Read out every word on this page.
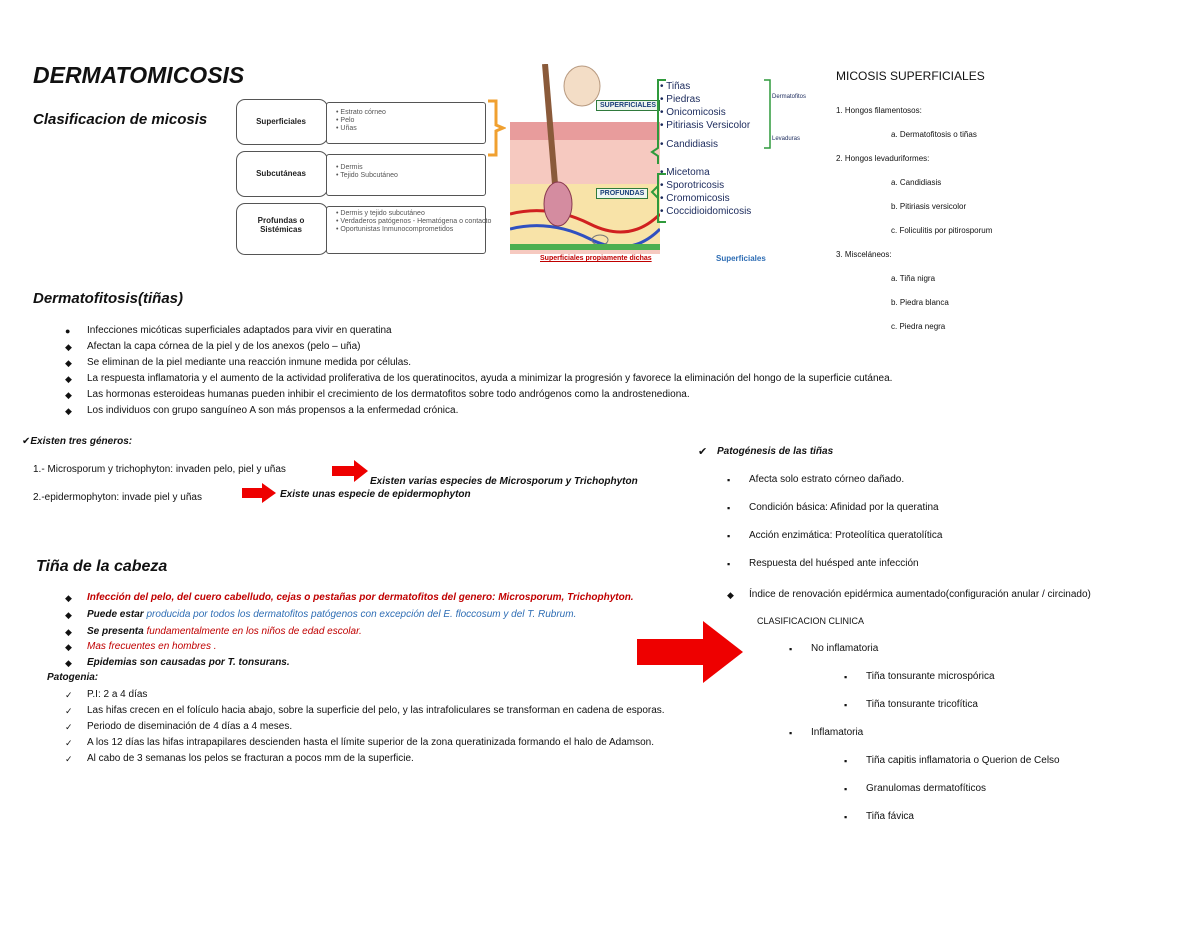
DERMATOMICOSIS
Clasificacion de micosis	Superficiales
• Estrato córneo
• Pelo
• Uñas
Subcutáneas
• Dermis
• Tejido Subcutáneo
Profundas o Sistémicas
• Dermis y tejido subcutáneo
• Verdaderos patógenos - Hematógena o contacto
• Oportunistas Inmunocomprometidos
SUPERFICIALES
PROFUNDAS
• Tiñas
• Piedras
• Onicomicosis
• Pitiriasis Versicolor
• Candidiasis
• Micetoma
• Sporotricosis
• Cromomicosis
• Coccidioidomicosis
Dermatofitos
Levaduras
Superficiales propiamente dichas	Superficiales
MICOSIS SUPERFICIALES
1. Hongos filamentosos:
a. Dermatofitosis o tiñas
2. Hongos levaduriformes:
a. Candidiasis
b. Pitiriasis versicolor
c. Foliculitis por pitirosporum
3. Misceláneos:
a. Tiña nigra
b. Piedra blanca
c. Piedra negra
Dermatofitosis(tiñas)
● Infecciones micóticas superficiales adaptados para vivir en queratina
◆ Afectan la capa córnea de la piel y de los anexos (pelo – uña)
◆ Se eliminan de la piel mediante una reacción inmune medida por células.
◆ La respuesta inflamatoria y el aumento de la actividad proliferativa de los queratinocitos, ayuda a minimizar la progresión y favorece la eliminación del hongo de la superficie cutánea.
◆ Las hormonas esteroideas humanas pueden inhibir el crecimiento de los dermatofitos sobre todo andrógenos como la androstenediona.
◆ Los individuos con grupo sanguíneo A son más propensos a la enfermedad crónica.
✔Existen tres géneros:
1.- Microsporum y trichophyton: invaden pelo, piel y uñas
Existen varias especies de Microsporum y Trichophyton
2.-epidermophyton: invade piel y uñas	Existe unas especie de epidermophyton
✔ Patogénesis de las tiñas
▪ Afecta solo estrato córneo dañado.
▪ Condición básica: Afinidad por la queratina
▪ Acción enzimática: Proteolítica queratolítica
▪ Respuesta del huésped ante infección
◆ Índice de renovación epidérmica aumentado(configuración anular / circinado)
Tiña de la cabeza
◆ Infección del pelo, del cuero cabelludo, cejas o pestañas por dermatofitos del genero: Microsporum, Trichophyton.
◆ Puede estar producida por todos los dermatofitos patógenos con excepción del E. floccosum y del T. Rubrum.
◆ Se presenta fundamentalmente en los niños de edad escolar.
◆ Mas frecuentes en hombres .
◆ Epidemias son causadas por T. tonsurans.
Patogenia:
✓ P.I: 2 a 4 días
✓ Las hifas crecen en el folículo hacia abajo, sobre la superficie del pelo, y las intrafoliculares se transforman en cadena de esporas.
✓ Periodo de diseminación de 4 días a 4 meses.
✓ A los 12 días las hifas intrapapilares descienden hasta el límite superior de la zona queratinizada formando el halo de Adamson.
✓ Al cabo de 3 semanas los pelos se fracturan a pocos mm de la superficie.
CLASIFICACION CLINICA
▪ No inflamatoria
▪ Tiña tonsurante microspórica
▪ Tiña tonsurante tricofítica
▪ Inflamatoria
▪ Tiña capitis inflamatoria o Querion de Celso
▪ Granulomas dermatofíticos
▪ Tiña fávica
